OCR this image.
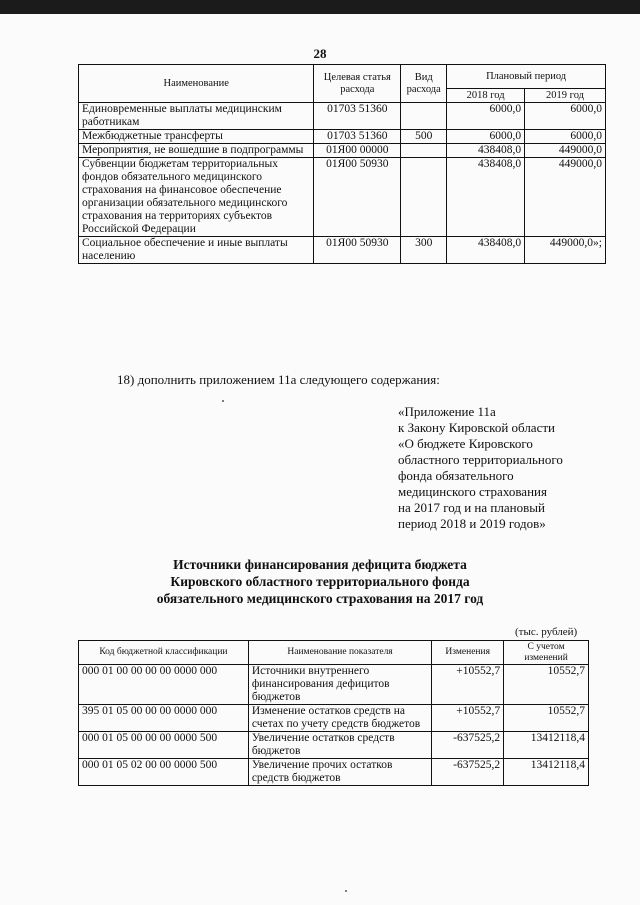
28
Наименование	Целевая статья расхода	Вид расхода	Плановый период	
			2018 год	2019 год
Единовременные выплаты медицинским работникам	01703 51360		6000,0	6000,0
Межбюджетные трансферты	01703 51360	500	6000,0	6000,0
Мероприятия, не вошедшие в подпрограммы	01Я00 00000		438408,0	449000,0
Субвенции бюджетам территориальных фондов обязательного медицинского страхования на финансовое обеспечение организации обязательного медицинского страхования на территориях субъектов Российской Федерации	01Я00 50930		438408,0	449000,0
Социальное обеспечение и иные выплаты населению	01Я00 50930	300	438408,0	449000,0»;
18) дополнить приложением 11а следующего содержания:
«Приложение 11а
к Закону Кировской области
«О бюджете Кировского
областного территориального
фонда обязательного
медицинского страхования
на 2017 год и на плановый
период 2018 и 2019 годов»
Источники финансирования дефицита бюджета
Кировского областного территориального фонда
обязательного медицинского страхования на 2017 год
(тыс. рублей)
Код бюджетной классификации	Наименование показателя	Изменения	С учетом изменений
000 01 00 00 00 00 0000 000	Источники внутреннего финансирования дефицитов бюджетов	+10552,7	10552,7
395 01 05 00 00 00 0000 000	Изменение остатков средств на счетах по учету средств бюджетов	+10552,7	10552,7
000 01 05 00 00 00 0000 500	Увеличение остатков средств бюджетов	-637525,2	13412118,4
000 01 05 02 00 00 0000 500	Увеличение прочих остатков средств бюджетов	-637525,2	13412118,4
